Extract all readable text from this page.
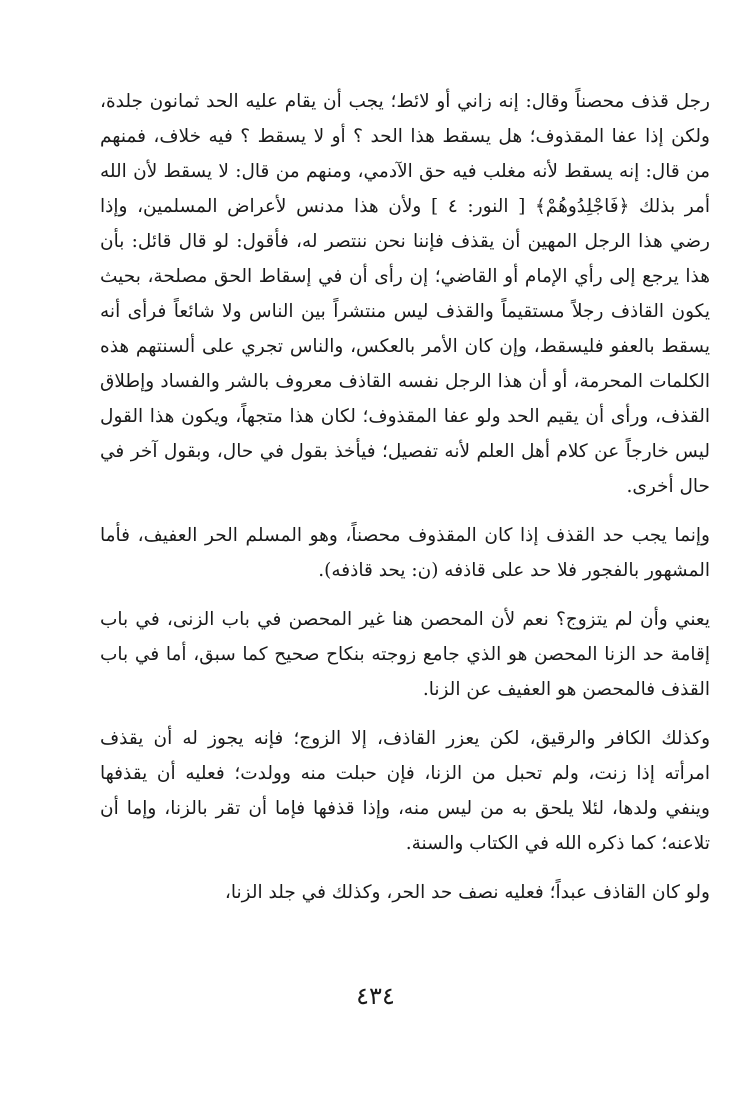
رجل قذف محصناً وقال: إنه زاني أو لائط؛ يجب أن يقام عليه الحد ثمانون جلدة، ولكن إذا عفا المقذوف؛ هل يسقط هذا الحد ؟ أو لا يسقط ؟ فيه خلاف، فمنهم من قال: إنه يسقط لأنه مغلب فيه حق الآدمي، ومنهم من قال: لا يسقط لأن الله أمر بذلك ﴿فَاجْلِدُوهُمْ﴾ [ النور: ٤ ] ولأن هذا مدنس لأعراض المسلمين، وإذا رضي هذا الرجل المهين أن يقذف فإننا نحن ننتصر له، فأقول: لو قال قائل: بأن هذا يرجع إلى رأي الإمام أو القاضي؛ إن رأى أن في إسقاط الحق مصلحة، بحيث يكون القاذف رجلاً مستقيماً والقذف ليس منتشراً بين الناس ولا شائعاً فرأى أنه يسقط بالعفو فليسقط، وإن كان الأمر بالعكس، والناس تجري على ألسنتهم هذه الكلمات المحرمة، أو أن هذا الرجل نفسه القاذف معروف بالشر والفساد وإطلاق القذف، ورأى أن يقيم الحد ولو عفا المقذوف؛ لكان هذا متجهاً، ويكون هذا القول ليس خارجاً عن كلام أهل العلم لأنه تفصيل؛ فيأخذ بقول في حال، وبقول آخر في حال أخرى.

وإنما يجب حد القذف إذا كان المقذوف محصناً، وهو المسلم الحر العفيف، فأما المشهور بالفجور فلا حد على قاذفه (ن: يحد قاذفه).

يعني وأن لم يتزوج؟ نعم لأن المحصن هنا غير المحصن في باب الزنى، في باب إقامة حد الزنا المحصن هو الذي جامع زوجته بنكاح صحيح كما سبق، أما في باب القذف فالمحصن هو العفيف عن الزنا.

وكذلك الكافر والرقيق، لكن يعزر القاذف، إلا الزوج؛ فإنه يجوز له أن يقذف امرأته إذا زنت، ولم تحبل من الزنا، فإن حبلت منه وولدت؛ فعليه أن يقذفها وينفي ولدها، لئلا يلحق به من ليس منه، وإذا قذفها فإما أن تقر بالزنا، وإما أن تلاعنه؛ كما ذكره الله في الكتاب والسنة.

ولو كان القاذف عبداً؛ فعليه نصف حد الحر، وكذلك في جلد الزنا،

٤٣٤
